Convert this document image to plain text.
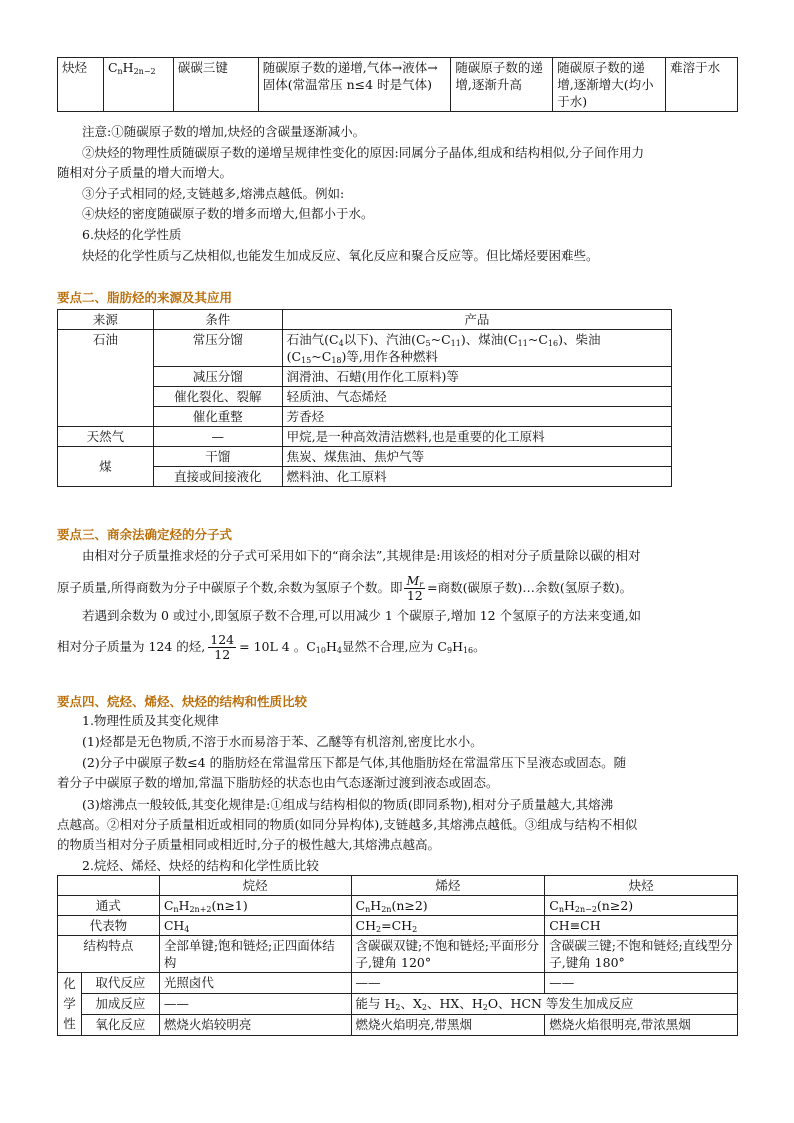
炔烃	$C_nH_{2n-2}$	碳碳三键	随碳原子数的递增,气体→液体→固体(常温常压 n≤4 时是气体)	随碳原子数的递增,逐渐升高	随碳原子数的递增,逐渐增大(均小于水)	难溶于水
注意:①随碳原子数的增加,炔烃的含碳量逐渐减小。
②炔烃的物理性质随碳原子数的递增呈规律性变化的原因:同属分子晶体,组成和结构相似,分子间作用力
随相对分子质量的增大而增大。
③分子式相同的烃,支链越多,熔沸点越低。例如:
④炔烃的密度随碳原子数的增多而增大,但都小于水。
6.炔烃的化学性质
炔烃的化学性质与乙炔相似,也能发生加成反应、氧化反应和聚合反应等。但比烯烃要困难些。
要点二、脂肪烃的来源及其应用
来源	条件	产品
石油	常压分馏	石油气($C_4$以下)、汽油$(C_5\sim C_{11})$、煤油$(C_{11}\sim C_{16})$、柴油
$(C_{15}\sim C_{18})$等,用作各种燃料
	减压分馏	润滑油、石蜡(用作化工原料)等
	催化裂化、裂解	轻质油、气态烯烃
	催化重整	芳香烃
天然气	—	甲烷,是一种高效清洁燃料,也是重要的化工原料
煤	干馏	焦炭、煤焦油、焦炉气等
	直接或间接液化	燃料油、化工原料
要点三、商余法确定烃的分子式
由相对分子质量推求烃的分子式可采用如下的“商余法”,其规律是:用该烃的相对分子质量除以碳的相对
原子质量,所得商数为分子中碳原子个数,余数为氢原子个数。即 $\frac{M_r}{12}$ =商数(碳原子数)…余数(氢原子数)。
若遇到余数为 0 或过小,即氢原子数不合理,可以用减少 1 个碳原子,增加 12 个氢原子的方法来变通,如
相对分子质量为 124 的烃, $\frac{124}{12} = 10L$ 4 。$C_{10}H_4$显然不合理,应为 $C_9H_{16}$。
要点四、烷烃、烯烃、炔烃的结构和性质比较
1.物理性质及其变化规律
(1)烃都是无色物质,不溶于水而易溶于苯、乙醚等有机溶剂,密度比水小。
(2)分子中碳原子数≤4 的脂肪烃在常温常压下都是气体,其他脂肪烃在常温常压下呈液态或固态。随
着分子中碳原子数的增加,常温下脂肪烃的状态也由气态逐渐过渡到液态或固态。
(3)熔沸点一般较低,其变化规律是:①组成与结构相似的物质(即同系物),相对分子质量越大,其熔沸
点越高。②相对分子质量相近或相同的物质(如同分异构体),支链越多,其熔沸点越低。③组成与结构不相似
的物质当相对分子质量相同或相近时,分子的极性越大,其熔沸点越高。
2.烷烃、烯烃、炔烃的结构和化学性质比较
		烷烃	烯烃	炔烃
通式		$C_nH_{2n+2}(n\ge 1)$	$C_nH_{2n}(n\ge 2)$	$C_nH_{2n-2}(n\ge 2)$
代表物		$CH_4$	$CH_2=CH_2$	CH≡CH
结构特点		全部单键;饱和链烃;正四面体结构	含碳碳双键;不饱和链烃;平面形分子,键角 120°	含碳碳三键;不饱和链烃;直线型分子,键角 180°
化
学
性	取代反应	光照卤代	——	——
	加成反应	——	能与 $H_2$、$X_2$、HX、$H_2O$、HCN 等发生加成反应	
	氧化反应	燃烧火焰较明亮	燃烧火焰明亮,带黑烟	燃烧火焰很明亮,带浓黑烟
